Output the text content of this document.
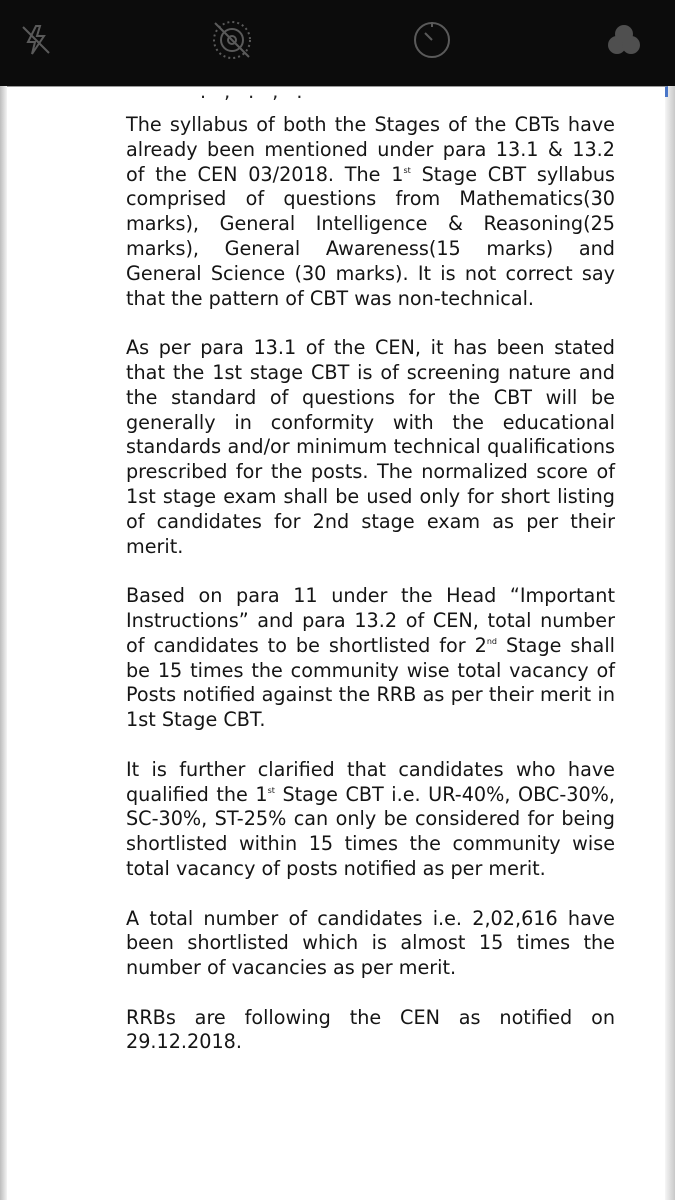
. , . , .

The syllabus of both the Stages of the CBTs have already been mentioned under para 13.1 & 13.2 of the CEN 03/2018. The 1st Stage CBT syllabus comprised of questions from Mathematics(30 marks), General Intelligence & Reasoning(25 marks), General Awareness(15 marks) and General Science (30 marks). It is not correct say that the pattern of CBT was non-technical.

As per para 13.1 of the CEN, it has been stated that the 1st stage CBT is of screening nature and the standard of questions for the CBT will be generally in conformity with the educational standards and/or minimum technical qualifications prescribed for the posts. The normalized score of 1st stage exam shall be used only for short listing of candidates for 2nd stage exam as per their merit.

Based on para 11 under the Head “Important Instructions” and para 13.2 of CEN, total number of candidates to be shortlisted for 2nd Stage shall be 15 times the community wise total vacancy of Posts notified against the RRB as per their merit in 1st Stage CBT.

It is further clarified that candidates who have qualified the 1st Stage CBT i.e. UR-40%, OBC-30%, SC-30%, ST-25% can only be considered for being shortlisted within 15 times the community wise total vacancy of posts notified as per merit.

A total number of candidates i.e. 2,02,616 have been shortlisted which is almost 15 times the number of vacancies as per merit.

RRBs are following the CEN as notified on 29.12.2018.
